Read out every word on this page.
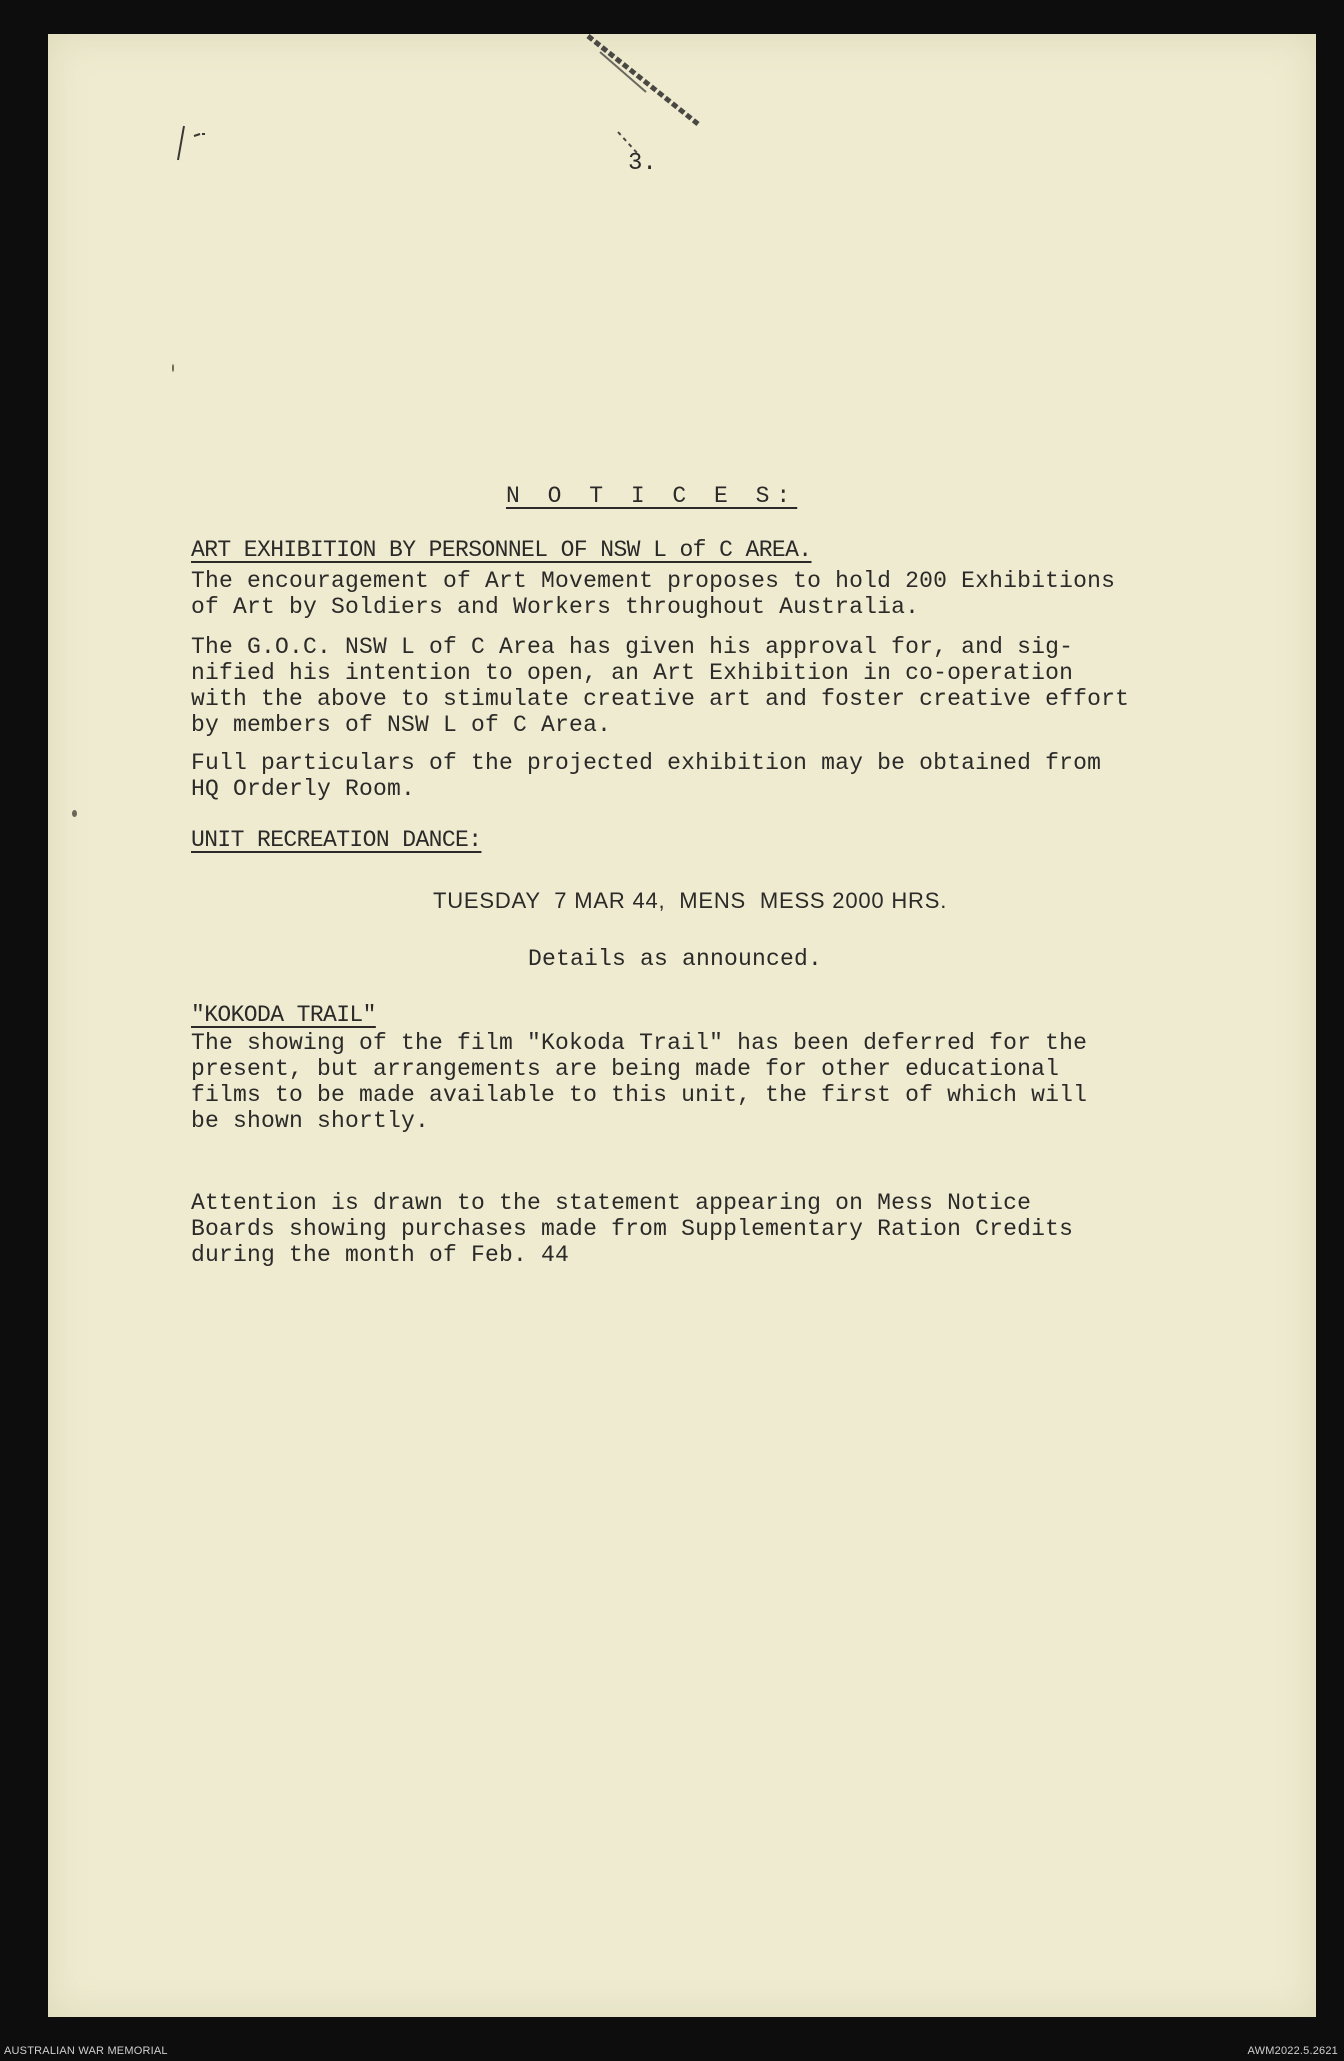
3.
N O T I C E S:
ART EXHIBITION BY PERSONNEL OF NSW L of C AREA.
The encouragement of Art Movement proposes to hold 200 Exhibitions
of Art by Soldiers and Workers throughout Australia.
The G.O.C. NSW L of C Area has given his approval for, and sig-
nified his intention to open, an Art Exhibition in co-operation
with the above to stimulate creative art and foster creative effort
by members of NSW L of C Area.
Full particulars of the projected exhibition may be obtained from
HQ Orderly Room.
UNIT RECREATION DANCE:
TUESDAY  7 MAR 44,  MENS  MESS 2000 HRS.
Details as announced.
"KOKODA TRAIL"
The showing of the film "Kokoda Trail" has been deferred for the
present, but arrangements are being made for other educational
films to be made available to this unit, the first of which will
be shown shortly.
Attention is drawn to the statement appearing on Mess Notice
Boards showing purchases made from Supplementary Ration Credits
during the month of Feb. 44
AUSTRALIAN WAR MEMORIAL	AWM2022.5.2621
